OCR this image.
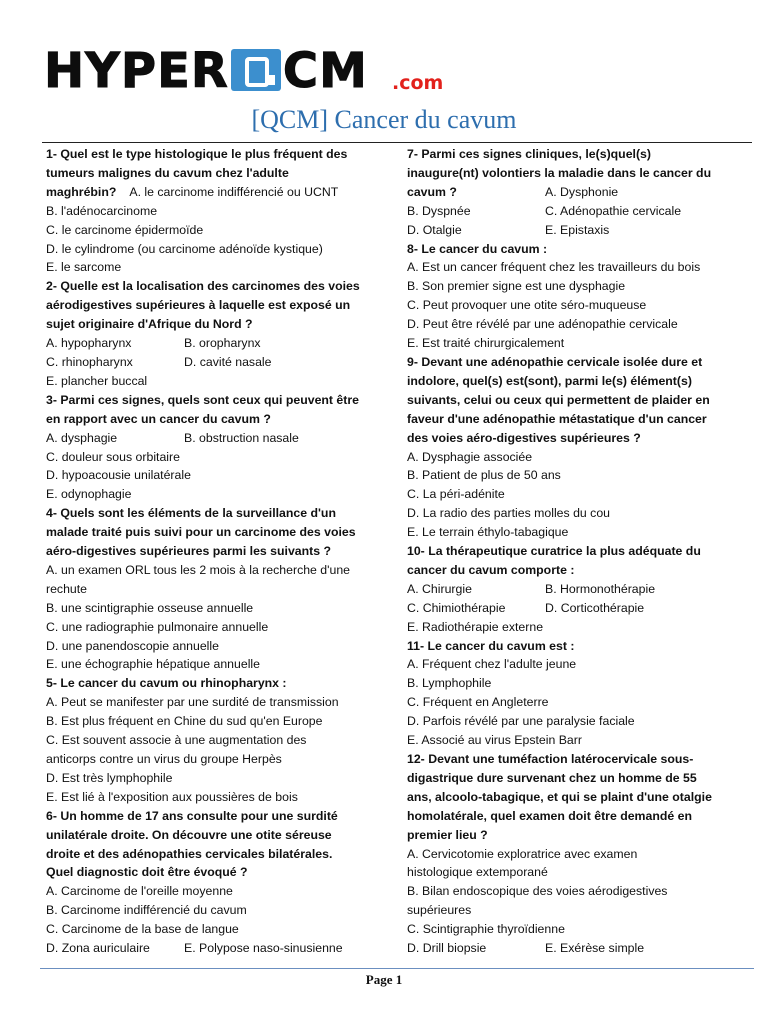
HYPER CM .com
[QCM] Cancer du cavum
1- Quel est le type histologique le plus fréquent des
tumeurs malignes du cavum chez l'adulte
maghrébin?    A. le carcinome indifférencié ou UCNT
B. l'adénocarcinome
C. le carcinome épidermoïde
D. le cylindrome (ou carcinome adénoïde kystique)
E. le sarcome
2- Quelle est la localisation des carcinomes des voies
aérodigestives supérieures à laquelle est exposé un
sujet originaire d'Afrique du Nord ?
A. hypopharynx	B. oropharynx
C. rhinopharynx	D. cavité nasale
E. plancher buccal
3- Parmi ces signes, quels sont ceux qui peuvent être
en rapport avec un cancer du cavum ?
A. dysphagie	B. obstruction nasale
C. douleur sous orbitaire
D. hypoacousie unilatérale
E. odynophagie
4- Quels sont les éléments de la surveillance d'un
malade traité puis suivi pour un carcinome des voies
aéro-digestives supérieures parmi les suivants ?
A. un examen ORL tous les 2 mois à la recherche d'une
rechute
B. une scintigraphie osseuse annuelle
C. une radiographie pulmonaire annuelle
D. une panendoscopie annuelle
E. une échographie hépatique annuelle
5- Le cancer du cavum ou rhinopharynx :
A. Peut se manifester par une surdité de transmission
B. Est plus fréquent en Chine du sud qu'en Europe
C. Est souvent associe à une augmentation des
anticorps contre un virus du groupe Herpès
D. Est très lymphophile
E. Est lié à l'exposition aux poussières de bois
6- Un homme de 17 ans consulte pour une surdité
unilatérale droite. On découvre une otite séreuse
droite et des adénopathies cervicales bilatérales.
Quel diagnostic doit être évoqué ?
A. Carcinome de l'oreille moyenne
B. Carcinome indifférencié du cavum
C. Carcinome de la base de langue
D. Zona auriculaire	E. Polypose naso-sinusienne
7- Parmi ces signes cliniques, le(s)quel(s)
inaugure(nt) volontiers la maladie dans le cancer du
cavum ?	A. Dysphonie
B. Dyspnée	C. Adénopathie cervicale
D. Otalgie	E. Epistaxis
8- Le cancer du cavum :
A. Est un cancer fréquent chez les travailleurs du bois
B. Son premier signe est une dysphagie
C. Peut provoquer une otite séro-muqueuse
D. Peut être révélé par une adénopathie cervicale
E. Est traité chirurgicalement
9- Devant une adénopathie cervicale isolée dure et
indolore, quel(s) est(sont), parmi le(s) élément(s)
suivants, celui ou ceux qui permettent de plaider en
faveur d'une adénopathie métastatique d'un cancer
des voies aéro-digestives supérieures ?
A. Dysphagie associée
B. Patient de plus de 50 ans
C. La péri-adénite
D. La radio des parties molles du cou
E. Le terrain éthylo-tabagique
10- La thérapeutique curatrice la plus adéquate du
cancer du cavum comporte :
A. Chirurgie	B. Hormonothérapie
C. Chimiothérapie	D. Corticothérapie
E. Radiothérapie externe
11- Le cancer du cavum est :
A. Fréquent chez l'adulte jeune
B. Lymphophile
C. Fréquent en Angleterre
D. Parfois révélé par une paralysie faciale
E. Associé au virus Epstein Barr
12- Devant une tuméfaction latérocervicale sous-
digastrique dure survenant chez un homme de 55
ans, alcoolo-tabagique, et qui se plaint d'une otalgie
homolatérale, quel examen doit être demandé en
premier lieu ?
A. Cervicotomie exploratrice avec examen
histologique extemporané
B. Bilan endoscopique des voies aérodigestives
supérieures
C. Scintigraphie thyroïdienne
D. Drill biopsie	E. Exérèse simple
Page 1
